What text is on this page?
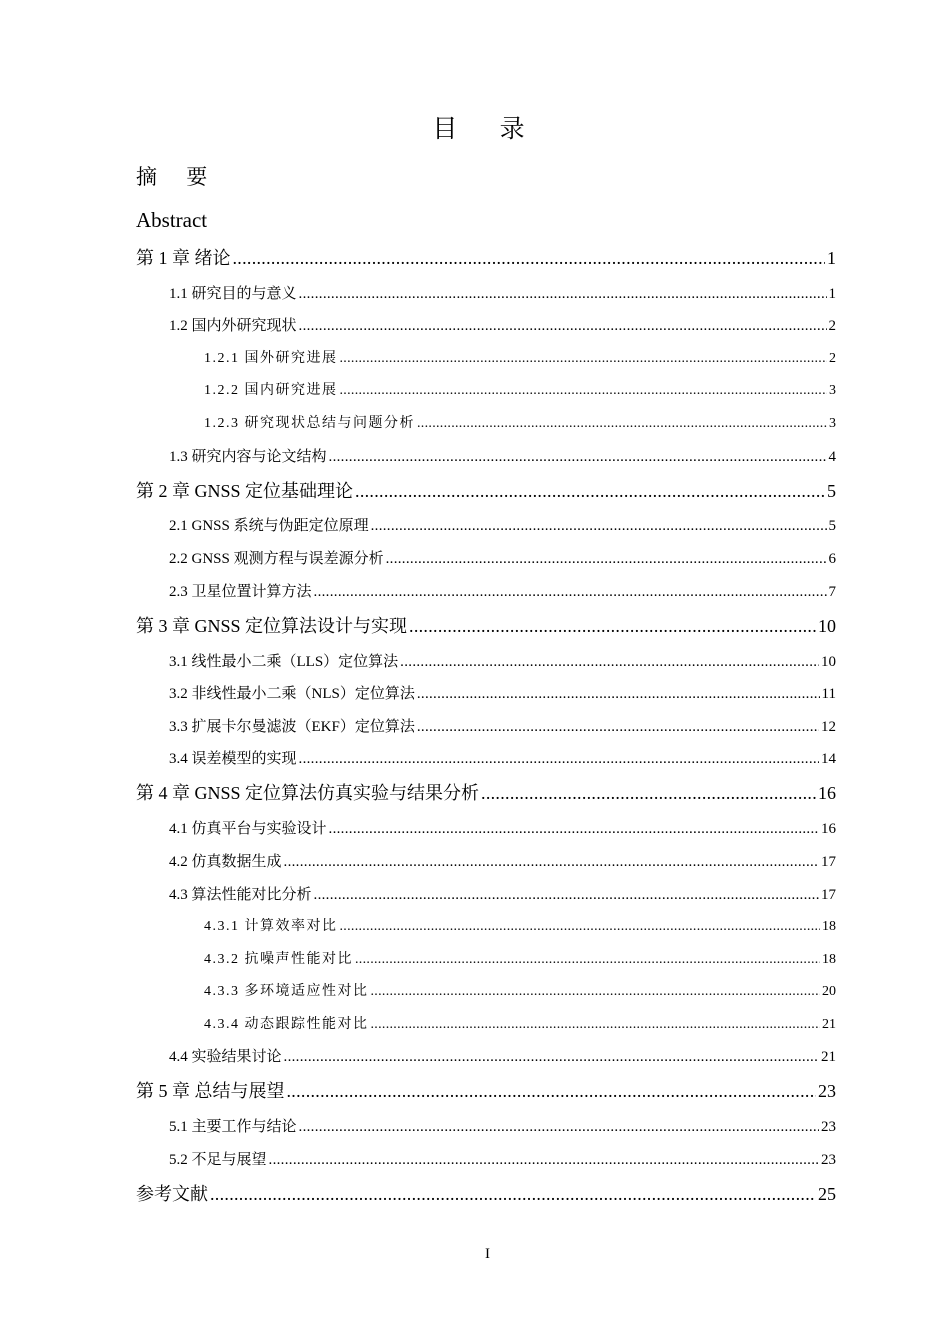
目 录
摘 要
Abstract
第 1 章 绪论 .....	1
1.1 研究目的与意义 .....	1
1.2 国内外研究现状 .....	2
1.2.1 国外研究进展 .....	2
1.2.2 国内研究进展 .....	3
1.2.3 研究现状总结与问题分析 .....	3
1.3 研究内容与论文结构 .....	4
第 2 章 GNSS 定位基础理论 .....	5
2.1 GNSS 系统与伪距定位原理 .....	5
2.2 GNSS 观测方程与误差源分析 .....	6
2.3 卫星位置计算方法 .....	7
第 3 章 GNSS 定位算法设计与实现 .....	10
3.1 线性最小二乘（LLS）定位算法 .....	10
3.2 非线性最小二乘（NLS）定位算法 .....	11
3.3 扩展卡尔曼滤波（EKF）定位算法 .....	12
3.4 误差模型的实现 .....	14
第 4 章 GNSS 定位算法仿真实验与结果分析 .....	16
4.1 仿真平台与实验设计 .....	16
4.2 仿真数据生成 .....	17
4.3 算法性能对比分析 .....	17
4.3.1 计算效率对比 .....	18
4.3.2 抗噪声性能对比 .....	18
4.3.3 多环境适应性对比 .....	20
4.3.4 动态跟踪性能对比 .....	21
4.4 实验结果讨论 .....	21
第 5 章 总结与展望 .....	23
5.1 主要工作与结论 .....	23
5.2 不足与展望 .....	23
参考文献 .....	25
I
